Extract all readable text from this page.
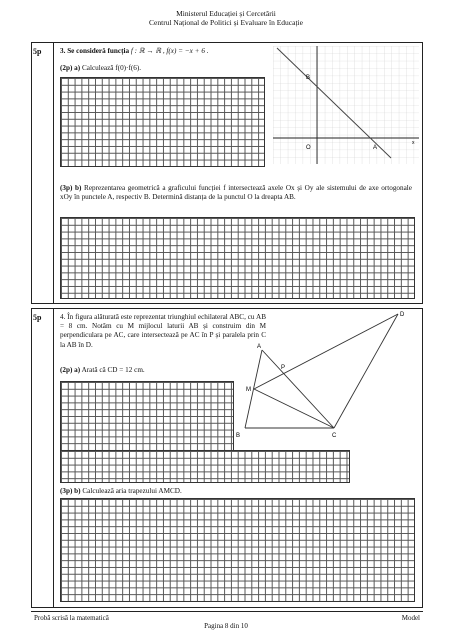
Ministerul Educației și Cercetării
Centrul Național de Politici și Evaluare în Educație
5p	3. Se consideră funcția f : ℝ → ℝ , f(x) = −x + 6 .
(2p) a) Calculează f(0)·f(6).
B
O	A
x
(3p) b) Reprezentarea geometrică a graficului funcției f intersectează axele Ox și Oy ale sistemului de axe ortogonale xOy în punctele A, respectiv B. Determină distanța de la punctul O la dreapta AB.
5p	4. În figura alăturată este reprezentat triunghiul echilateral ABC, cu AB = 8 cm. Notăm cu M mijlocul laturii AB și construim din M perpendiculara pe AC, care intersectează pe AC în P și paralela prin C la AB în D.
(2p) a) Arată că CD = 12 cm.
A
P
M
B	C
D
(3p) b) Calculează aria trapezului AMCD.
Probă scrisă la matematică
Pagina 8 din 10
Model
